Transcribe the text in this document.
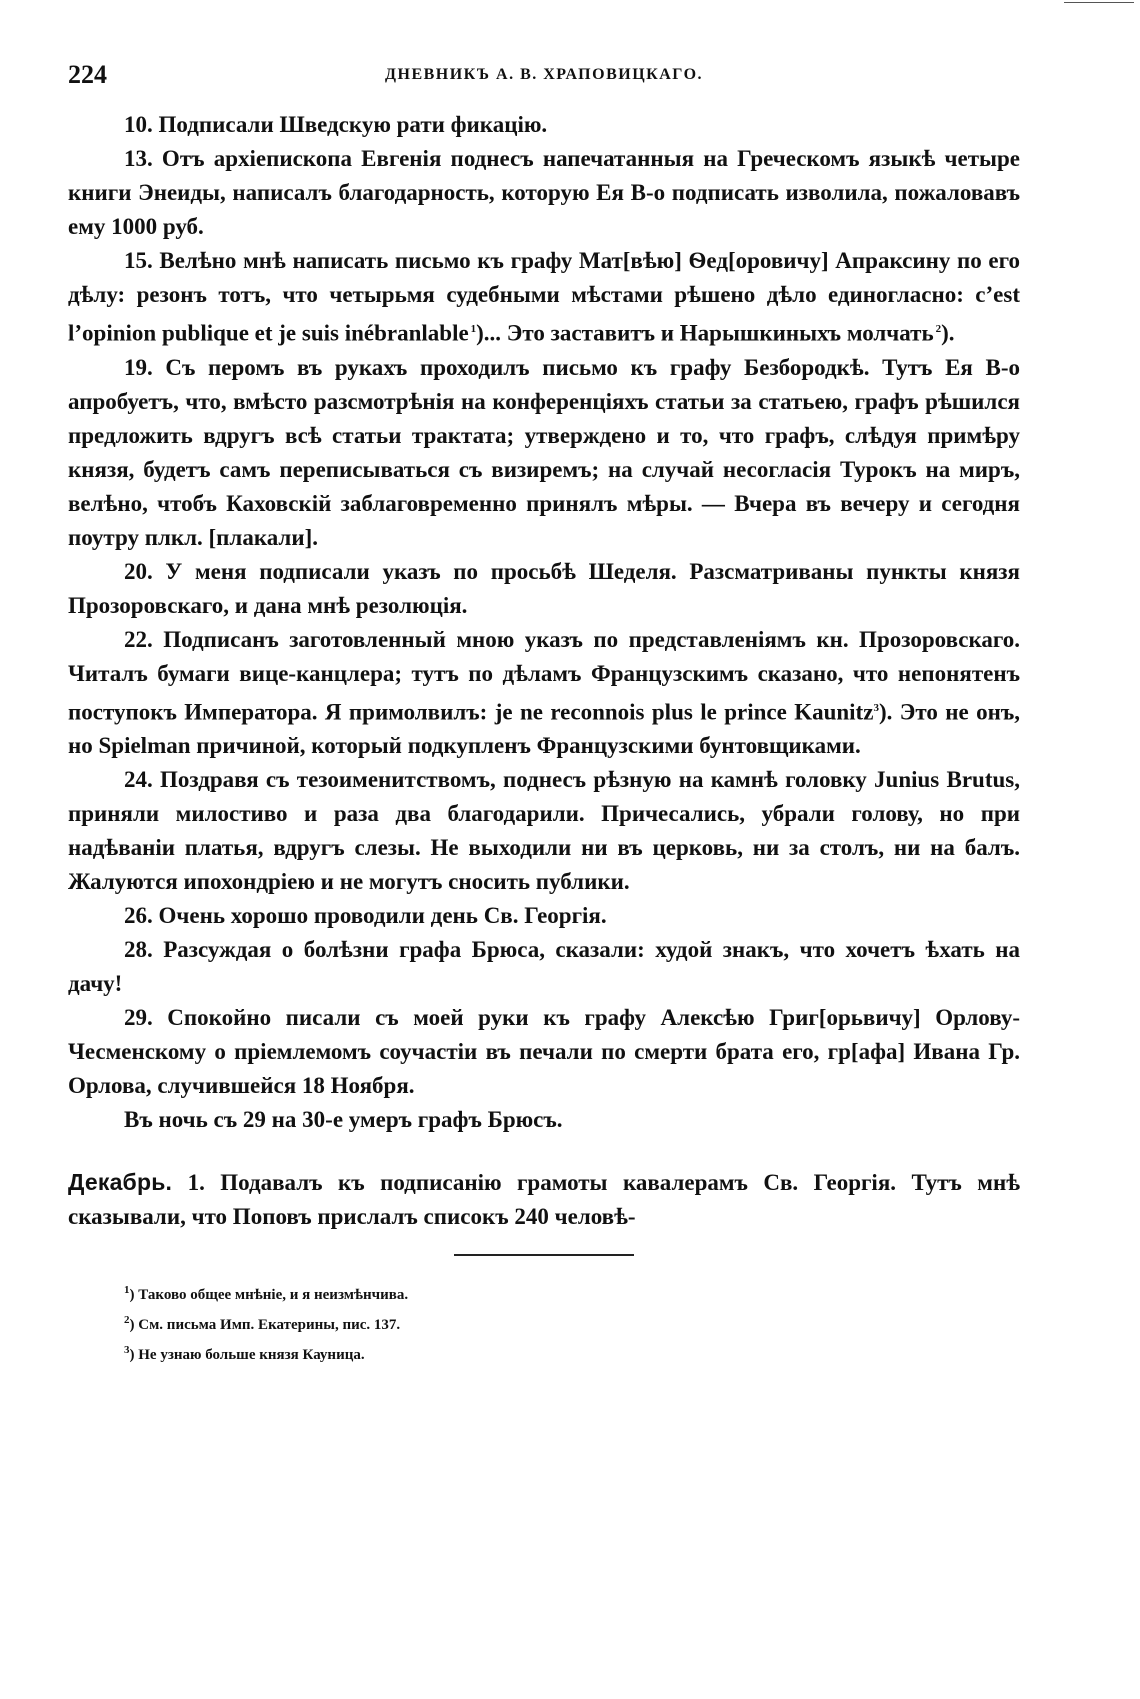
224	ДНЕВНИКЪ А. В. ХРАПОВИЦКАГО.

10. Подписали Шведскую рати фикацію.

13. Отъ архіепископа Евгенія поднесъ напечатанныя на Греческомъ языкѣ четыре книги Энеиды, написалъ благодарность, которую Ея В-о подписать изволила, пожаловавъ ему 1000 руб.

15. Велѣно мнѣ написать письмо къ графу Мат[вѣю] Ѳед[оровичу] Апраксину по его дѣлу: резонъ тотъ, что четырьмя судебными мѣстами рѣшено дѣло единогласно: c’est l’opinion publique et je suis inébranlable  $^1$)... Это заставитъ и Нарышкиныхъ молчать  $^2$).

19. Съ перомъ въ рукахъ проходилъ письмо къ графу Безбородкѣ. Тутъ Ея В-о апробуетъ, что, вмѣсто разсмотрѣнія на конференціяхъ статьи за статьею, графъ рѣшился предложить вдругъ всѣ статьи трактата; утверждено и то, что графъ, слѣдуя примѣру князя, будетъ самъ переписываться съ визиремъ; на случай несогласія Турокъ на миръ, велѣно, чтобъ Каховскій заблаговременно принялъ мѣры. — Вчера въ вечеру и сегодня поутру плкл. [плакали].

20. У меня подписали указъ по просьбѣ Шеделя. Разсматриваны пункты князя Прозоровскаго, и дана мнѣ резолюція.

22. Подписанъ заготовленный мною указъ по представленіямъ кн. Прозоровскаго. Читалъ бумаги вице-канцлера; тутъ по дѣламъ Французскимъ сказано, что непонятенъ поступокъ Императора. Я примолвилъ: je ne reconnois plus le prince Kaunitz$^3$). Это не онъ, но Spielman причиной, который подкупленъ Французскими бунтовщиками.

24. Поздравя съ тезоименитствомъ, поднесъ рѣзную на камнѣ головку Junius Brutus, приняли милостиво и раза два благодарили. Причесались, убрали голову, но при надѣваніи платья, вдругъ слезы. Не выходили ни въ церковь, ни за столъ, ни на балъ. Жалуются ипохондріею и не могутъ сносить публики.

26. Очень хорошо проводили день Св. Георгія.

28. Разсуждая о болѣзни графа Брюса, сказали: худой знакъ, что хочетъ ѣхать на дачу!

29. Спокойно писали съ моей руки къ графу Алексѣю Григ[орьвичу] Орлову-Чесменскому о пріемлемомъ соучастіи въ печали по смерти брата его, гр[афа] Ивана Гр. Орлова, случившейся 18 Ноября.

Въ ночь съ 29 на 30-е умеръ графъ Брюсъ.

Декабрь. 1. Подавалъ къ подписанію грамоты кавалерамъ Св. Георгія. Тутъ мнѣ сказывали, что Поповъ прислалъ списокъ 240 человѣ-

$^1$) Таково общее мнѣніе, и я неизмѣнчива.
$^2$) См. письма Имп. Екатерины, пис. 137.
$^3$) Не узнаю больше князя Кауница.
